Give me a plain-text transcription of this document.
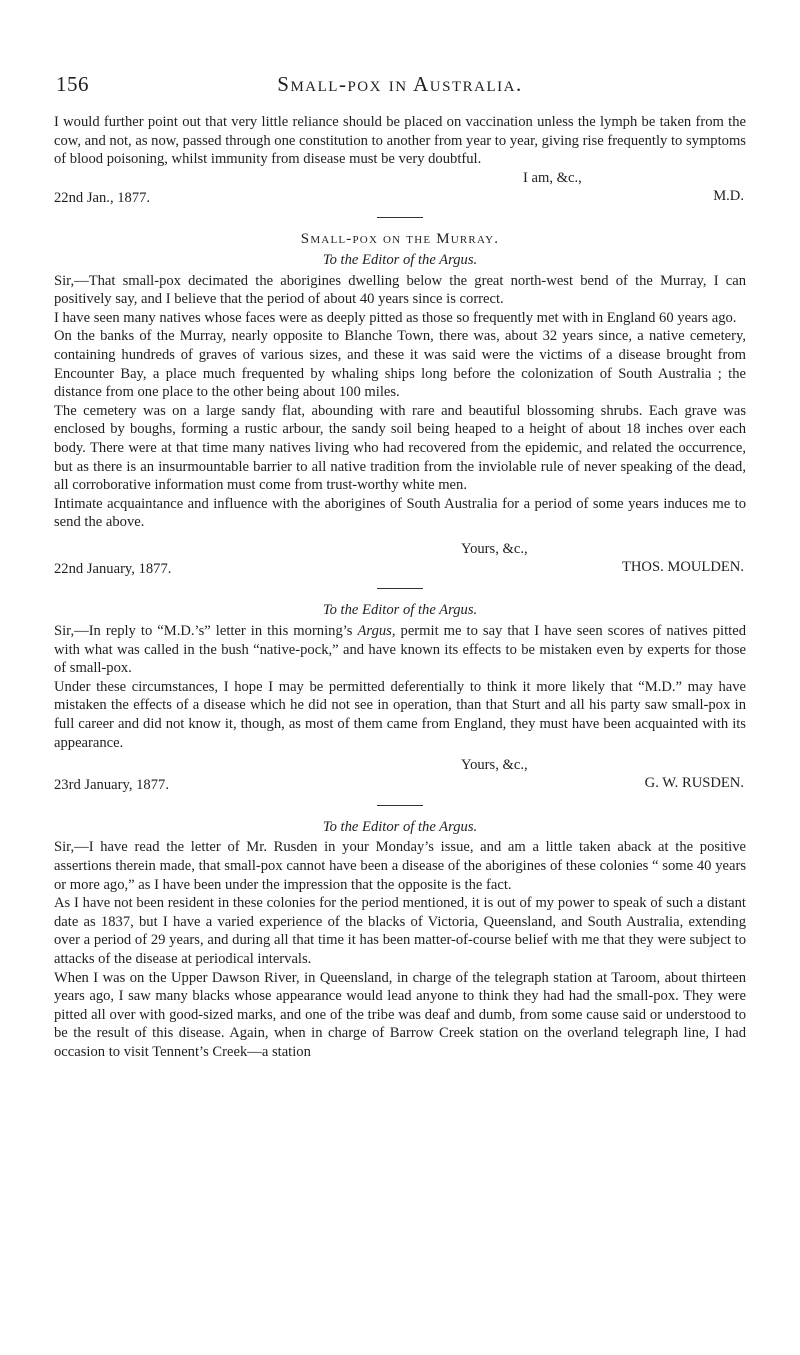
156	Small-pox in Australia.

I would further point out that very little reliance should be placed on vaccination unless the lymph be taken from the cow, and not, as now, passed through one constitution to another from year to year, giving rise frequently to symptoms of blood poisoning, whilst immunity from disease must be very doubtful.

I am, &c.,
M.D.

22nd Jan., 1877.

Small-pox on the Murray.
To the Editor of the Argus.

Sir,—That small-pox decimated the aborigines dwelling below the great north-west bend of the Murray, I can positively say, and I believe that the period of about 40 years since is correct.

I have seen many natives whose faces were as deeply pitted as those so frequently met with in England 60 years ago.

On the banks of the Murray, nearly opposite to Blanche Town, there was, about 32 years since, a native cemetery, containing hundreds of graves of various sizes, and these it was said were the victims of a disease brought from Encounter Bay, a place much frequented by whaling ships long before the colonization of South Australia ; the distance from one place to the other being about 100 miles.

The cemetery was on a large sandy flat, abounding with rare and beautiful blossoming shrubs. Each grave was enclosed by boughs, forming a rustic arbour, the sandy soil being heaped to a height of about 18 inches over each body. There were at that time many natives living who had recovered from the epidemic, and related the occurrence, but as there is an insurmountable barrier to all native tradition from the inviolable rule of never speaking of the dead, all corroborative information must come from trust-worthy white men.

Intimate acquaintance and influence with the aborigines of South Australia for a period of some years induces me to send the above.

Yours, &c.,
THOS. MOULDEN.

22nd January, 1877.

To the Editor of the Argus.

Sir,—In reply to “M.D.’s” letter in this morning’s Argus, permit me to say that I have seen scores of natives pitted with what was called in the bush “native-pock,” and have known its effects to be mistaken even by experts for those of small-pox.

Under these circumstances, I hope I may be permitted deferentially to think it more likely that “M.D.” may have mistaken the effects of a disease which he did not see in operation, than that Sturt and all his party saw small-pox in full career and did not know it, though, as most of them came from England, they must have been acquainted with its appearance.

Yours, &c.,
G. W. RUSDEN.

23rd January, 1877.

To the Editor of the Argus.

Sir,—I have read the letter of Mr. Rusden in your Monday’s issue, and am a little taken aback at the positive assertions therein made, that small-pox cannot have been a disease of the aborigines of these colonies “ some 40 years or more ago,” as I have been under the impression that the opposite is the fact.

As I have not been resident in these colonies for the period mentioned, it is out of my power to speak of such a distant date as 1837, but I have a varied experience of the blacks of Victoria, Queensland, and South Australia, extending over a period of 29 years, and during all that time it has been matter-of-course belief with me that they were subject to attacks of the disease at periodical intervals.

When I was on the Upper Dawson River, in Queensland, in charge of the telegraph station at Taroom, about thirteen years ago, I saw many blacks whose appearance would lead anyone to think they had had the small-pox. They were pitted all over with good-sized marks, and one of the tribe was deaf and dumb, from some cause said or understood to be the result of this disease. Again, when in charge of Barrow Creek station on the overland telegraph line, I had occasion to visit Tennent’s Creek—a station
